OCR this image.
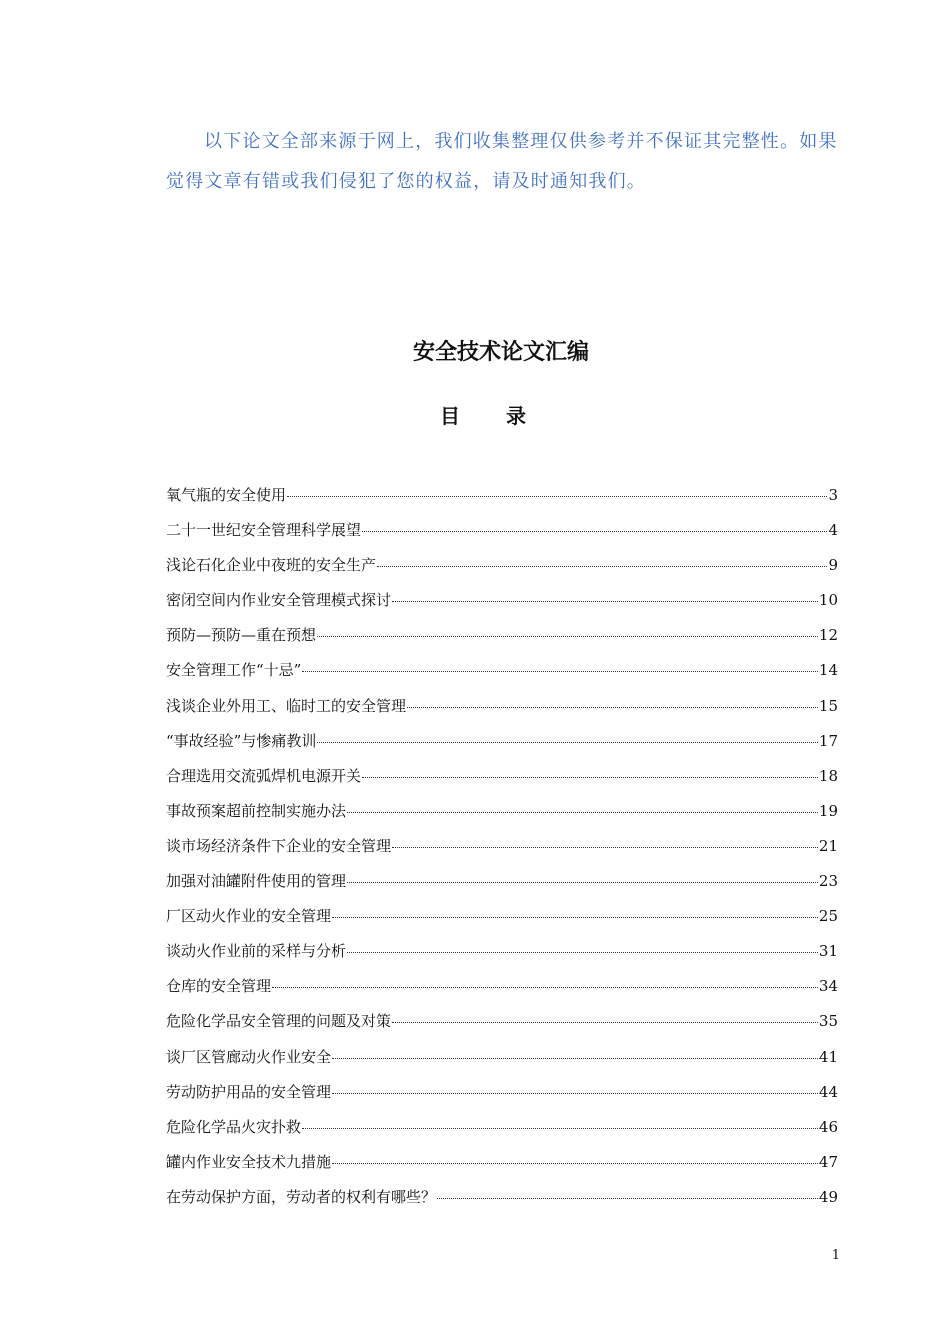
以下论文全部来源于网上，我们收集整理仅供参考并不保证其完整性。如果觉得文章有错或我们侵犯了您的权益，请及时通知我们。

安全技术论文汇编
目 录
氧气瓶的安全使用	3
二十一世纪安全管理科学展望	4
浅论石化企业中夜班的安全生产	9
密闭空间内作业安全管理模式探讨	10
预防—预防—重在预想	12
安全管理工作“十忌”	14
浅谈企业外用工、临时工的安全管理	15
“事故经验”与惨痛教训	17
合理选用交流弧焊机电源开关	18
事故预案超前控制实施办法	19
谈市场经济条件下企业的安全管理	21
加强对油罐附件使用的管理	23
厂区动火作业的安全管理	25
谈动火作业前的采样与分析	31
仓库的安全管理	34
危险化学品安全管理的问题及对策	35
谈厂区管廊动火作业安全	41
劳动防护用品的安全管理	44
危险化学品火灾扑救	46
罐内作业安全技术九措施	47
在劳动保护方面，劳动者的权利有哪些？	49
1
